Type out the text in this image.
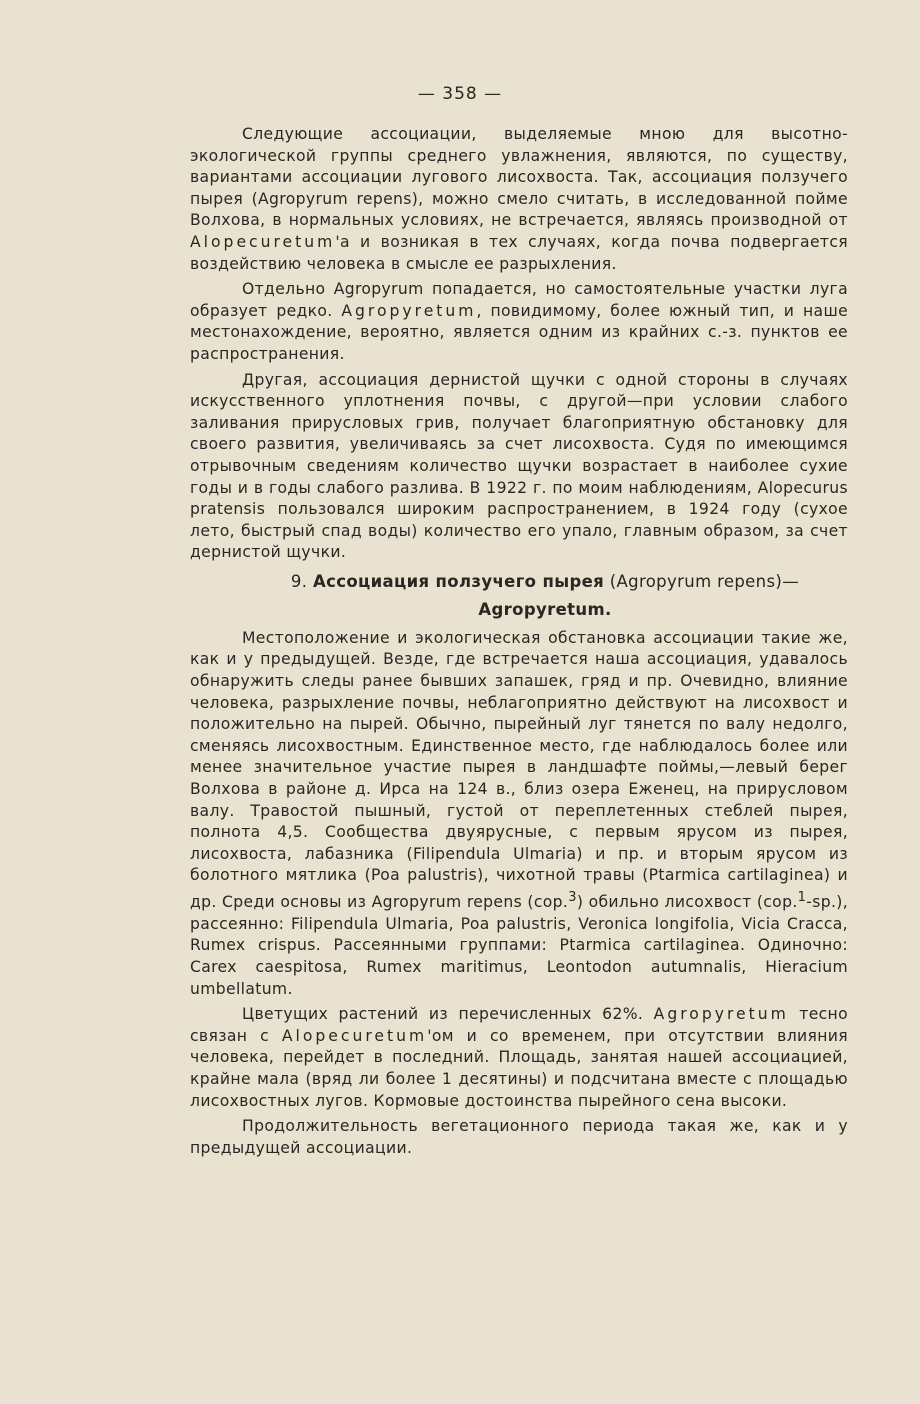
— 358 —

Следующие ассоциации, выделяемые мною для высотно-экологической группы среднего увлажнения, являются, по существу, вариантами ассоциации лугового лисохвоста. Так, ассоциация ползучего пырея (Agropyrum repens), можно смело считать, в исследованной пойме Волхова, в нормальных условиях, не встречается, являясь производной от Alopecuretum'а и возникая в тех случаях, когда почва подвергается воздействию человека в смысле ее разрыхления.

Отдельно Agropyrum попадается, но самостоятельные участки луга образует редко. Agropyretum, повидимому, более южный тип, и наше местонахождение, вероятно, является одним из крайних с.-з. пунктов ее распространения.

Другая, ассоциация дернистой щучки с одной стороны в случаях искусственного уплотнения почвы, с другой—при условии слабого заливания прирусловых грив, получает благоприятную обстановку для своего развития, увеличиваясь за счет лисохвоста. Судя по имеющимся отрывочным сведениям количество щучки возрастает в наиболее сухие годы и в годы слабого разлива. В 1922 г. по моим наблюдениям, Alopecurus pratensis пользовался широким распространением, в 1924 году (сухое лето, быстрый спад воды) количество его упало, главным образом, за счет дернистой щучки.

9. Ассоциация ползучего пырея (Agropyrum repens)—
Agropyretum.

Местоположение и экологическая обстановка ассоциации такие же, как и у предыдущей. Везде, где встречается наша ассоциация, удавалось обнаружить следы ранее бывших запашек, гряд и пр. Очевидно, влияние человека, разрыхление почвы, неблагоприятно действуют на лисохвост и положительно на пырей. Обычно, пырейный луг тянется по валу недолго, сменяясь лисохвостным. Единственное место, где наблюдалось более или менее значительное участие пырея в ландшафте поймы,—левый берег Волхова в районе д. Ирса на 124 в., близ озера Еженец, на прирусловом валу. Травостой пышный, густой от переплетенных стеблей пырея, полнота 4,5. Сообщества двуярусные, с первым ярусом из пырея, лисохвоста, лабазника (Filipendula Ulmaria) и пр. и вторым ярусом из болотного мятлика (Poa palustris), чихотной травы (Ptarmica cartilaginea) и др. Среди основы из Agropyrum repens (cop.$^3$) обильно лисохвост (cop.$^1$-sp.), рассеянно: Filipendula Ulmaria, Poa palustris, Veronica longifolia, Vicia Cracca, Rumex crispus. Рассеянными группами: Ptarmica cartilaginea. Одиночно: Carex caespitosa, Rumex maritimus, Leontodon autumnalis, Hieracium umbellatum.

Цветущих растений из перечисленных 62%. Agropyretum тесно связан с Alopecuretum'ом и со временем, при отсутствии влияния человека, перейдет в последний. Площадь, занятая нашей ассоциацией, крайне мала (вряд ли более 1 десятины) и подсчитана вместе с площадью лисохвостных лугов. Кормовые достоинства пырейного сена высоки.

Продолжительность вегетационного периода такая же, как и у предыдущей ассоциации.
